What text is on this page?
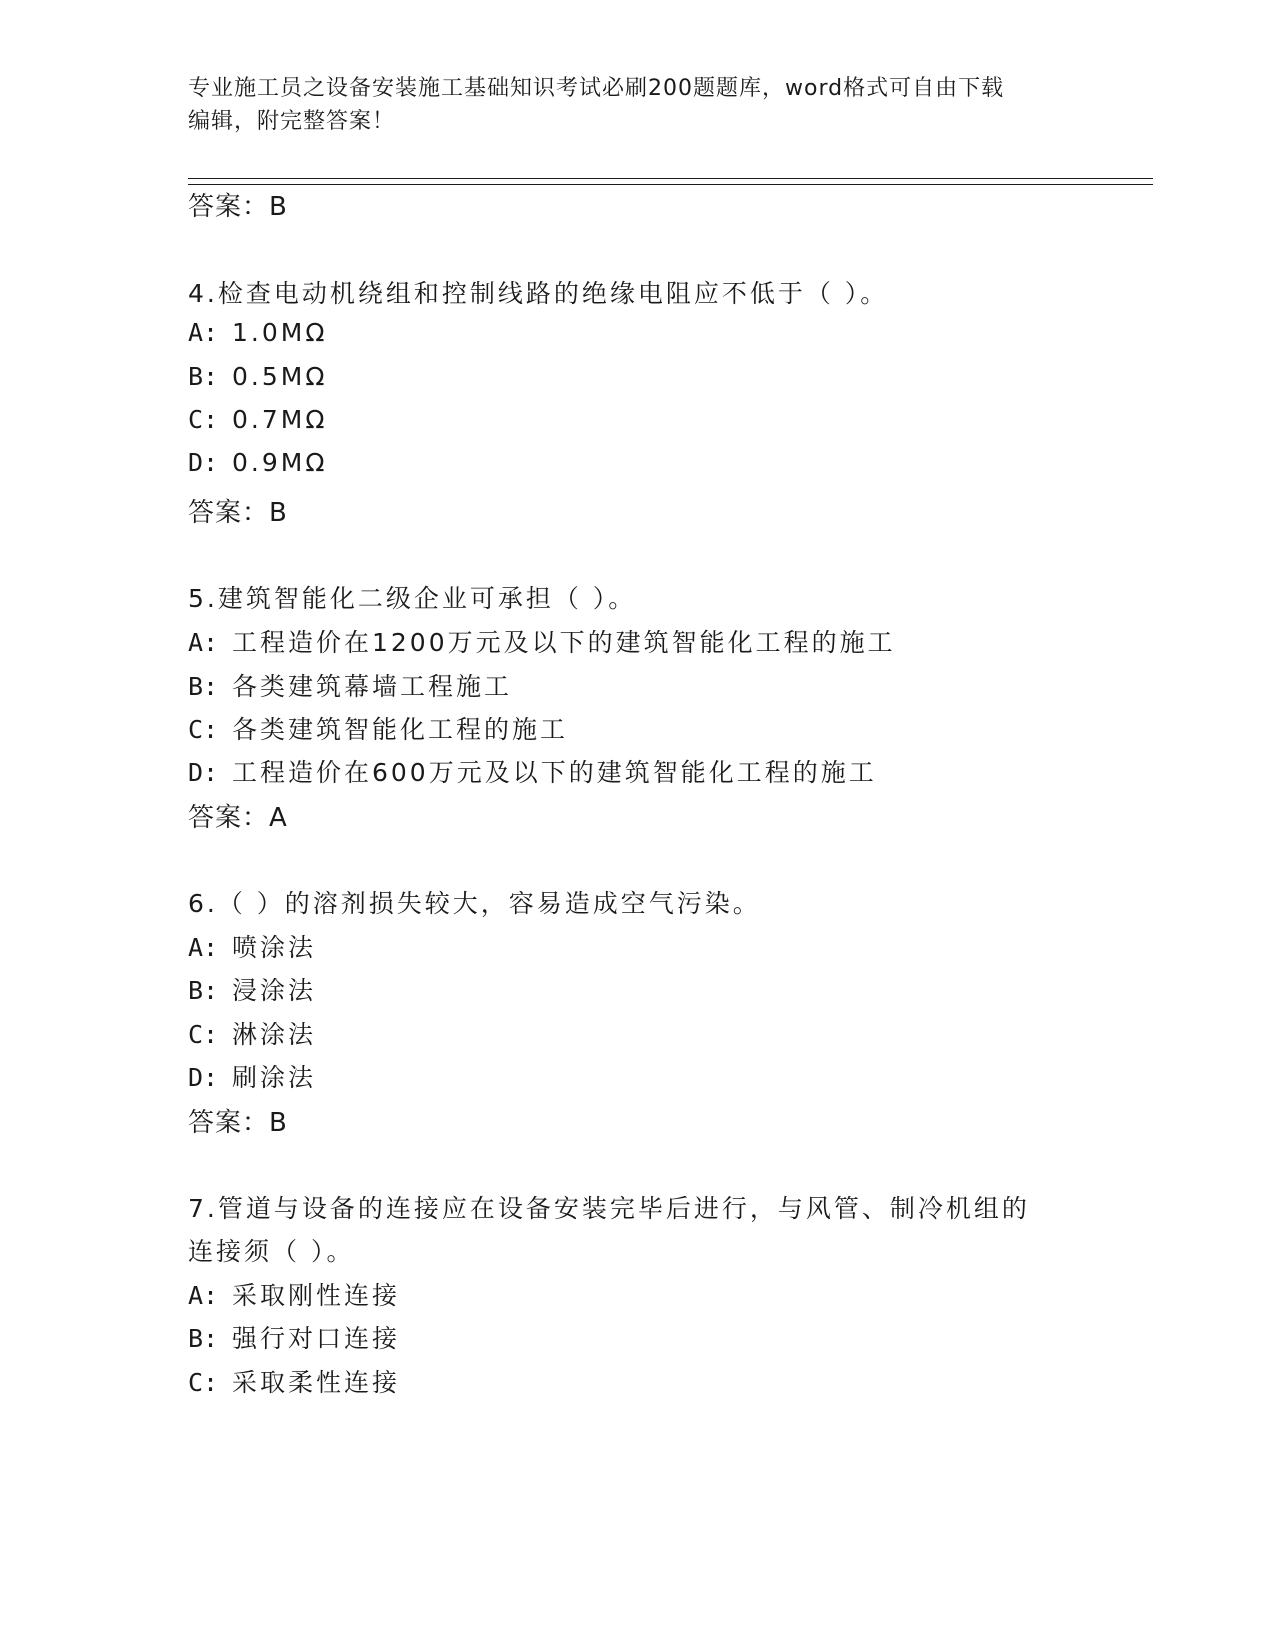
专业施工员之设备安装施工基础知识考试必刷200题题库，word格式可自由下载
编辑，附完整答案！
答案：B
4.检查电动机绕组和控制线路的绝缘电阻应不低于（ ）。
A: 1.0MΩ
B: 0.5MΩ
C: 0.7MΩ
D: 0.9MΩ
答案：B
5.建筑智能化二级企业可承担（ ）。
A: 工程造价在1200万元及以下的建筑智能化工程的施工
B: 各类建筑幕墙工程施工
C: 各类建筑智能化工程的施工
D: 工程造价在600万元及以下的建筑智能化工程的施工
答案：A
6.（ ）的溶剂损失较大，容易造成空气污染。
A: 喷涂法
B: 浸涂法
C: 淋涂法
D: 刷涂法
答案：B
7.管道与设备的连接应在设备安装完毕后进行，与风管、制冷机组的
连接须（ ）。
A: 采取刚性连接
B: 强行对口连接
C: 采取柔性连接
